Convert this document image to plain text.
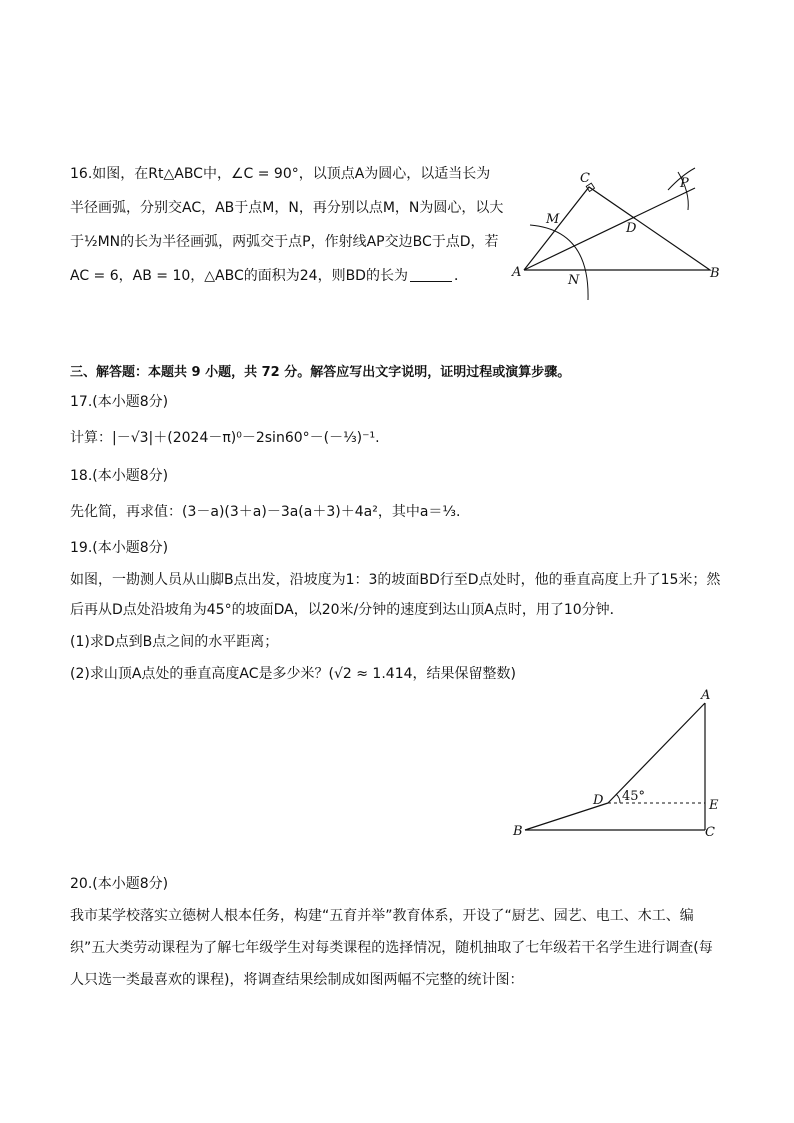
16.如图，在Rt△ABC中，∠C = 90°，以顶点A为圆心，以适当长为
半径画弧，分别交AC，AB于点M，N，再分别以点M，N为圆心，以大
于½MN的长为半径画弧，两弧交于点P，作射线AP交边BC于点D，若
AC = 6，AB = 10，△ABC的面积为24，则BD的长为	．
C	P
M
D
A
N	B
三、解答题：本题共 9 小题，共 72 分。解答应写出文字说明，证明过程或演算步骤。
17.(本小题8分)
计算：|－√3|＋(2024－π)⁰－2sin60°－(－⅓)⁻¹.
18.(本小题8分)
先化简，再求值：(3－a)(3＋a)－3a(a＋3)＋4a²，其中a＝⅓.
19.(本小题8分)
如图，一勘测人员从山脚B点出发，沿坡度为1：3的坡面BD行至D点处时，他的垂直高度上升了15米；然
后再从D点处沿坡角为45°的坡面DA，以20米/分钟的速度到达山顶A点时，用了10分钟．
(1)求D点到B点之间的水平距离；
(2)求山顶A点处的垂直高度AC是多少米？(√2 ≈ 1.414，结果保留整数)
45°
A
D	E
B	C
20.(本小题8分)
我市某学校落实立德树人根本任务，构建“五育并举”教育体系，开设了“厨艺、园艺、电工、木工、编
织”五大类劳动课程为了解七年级学生对每类课程的选择情况，随机抽取了七年级若干名学生进行调查(每
人只选一类最喜欢的课程)，将调查结果绘制成如图两幅不完整的统计图：
